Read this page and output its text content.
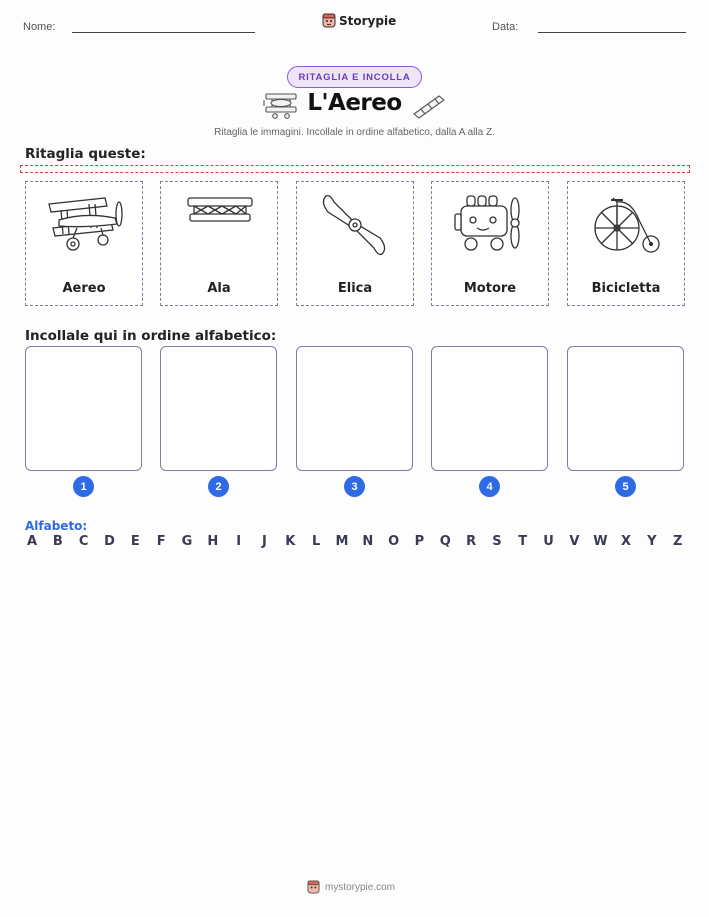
Nome:	Storypie	Data:
RITAGLIA E INCOLLA
L'Aereo
Ritaglia le immagini. Incollale in ordine alfabetico, dalla A alla Z.
Ritaglia queste:
Aereo	Ala	Elica	Motore	Bicicletta
Incollale qui in ordine alfabetico:
1	2	3	4	5
Alfabeto:
A B C D E F G H	I	J	K L M N O P Q R S T U V W X Y Z
mystorypie.com
